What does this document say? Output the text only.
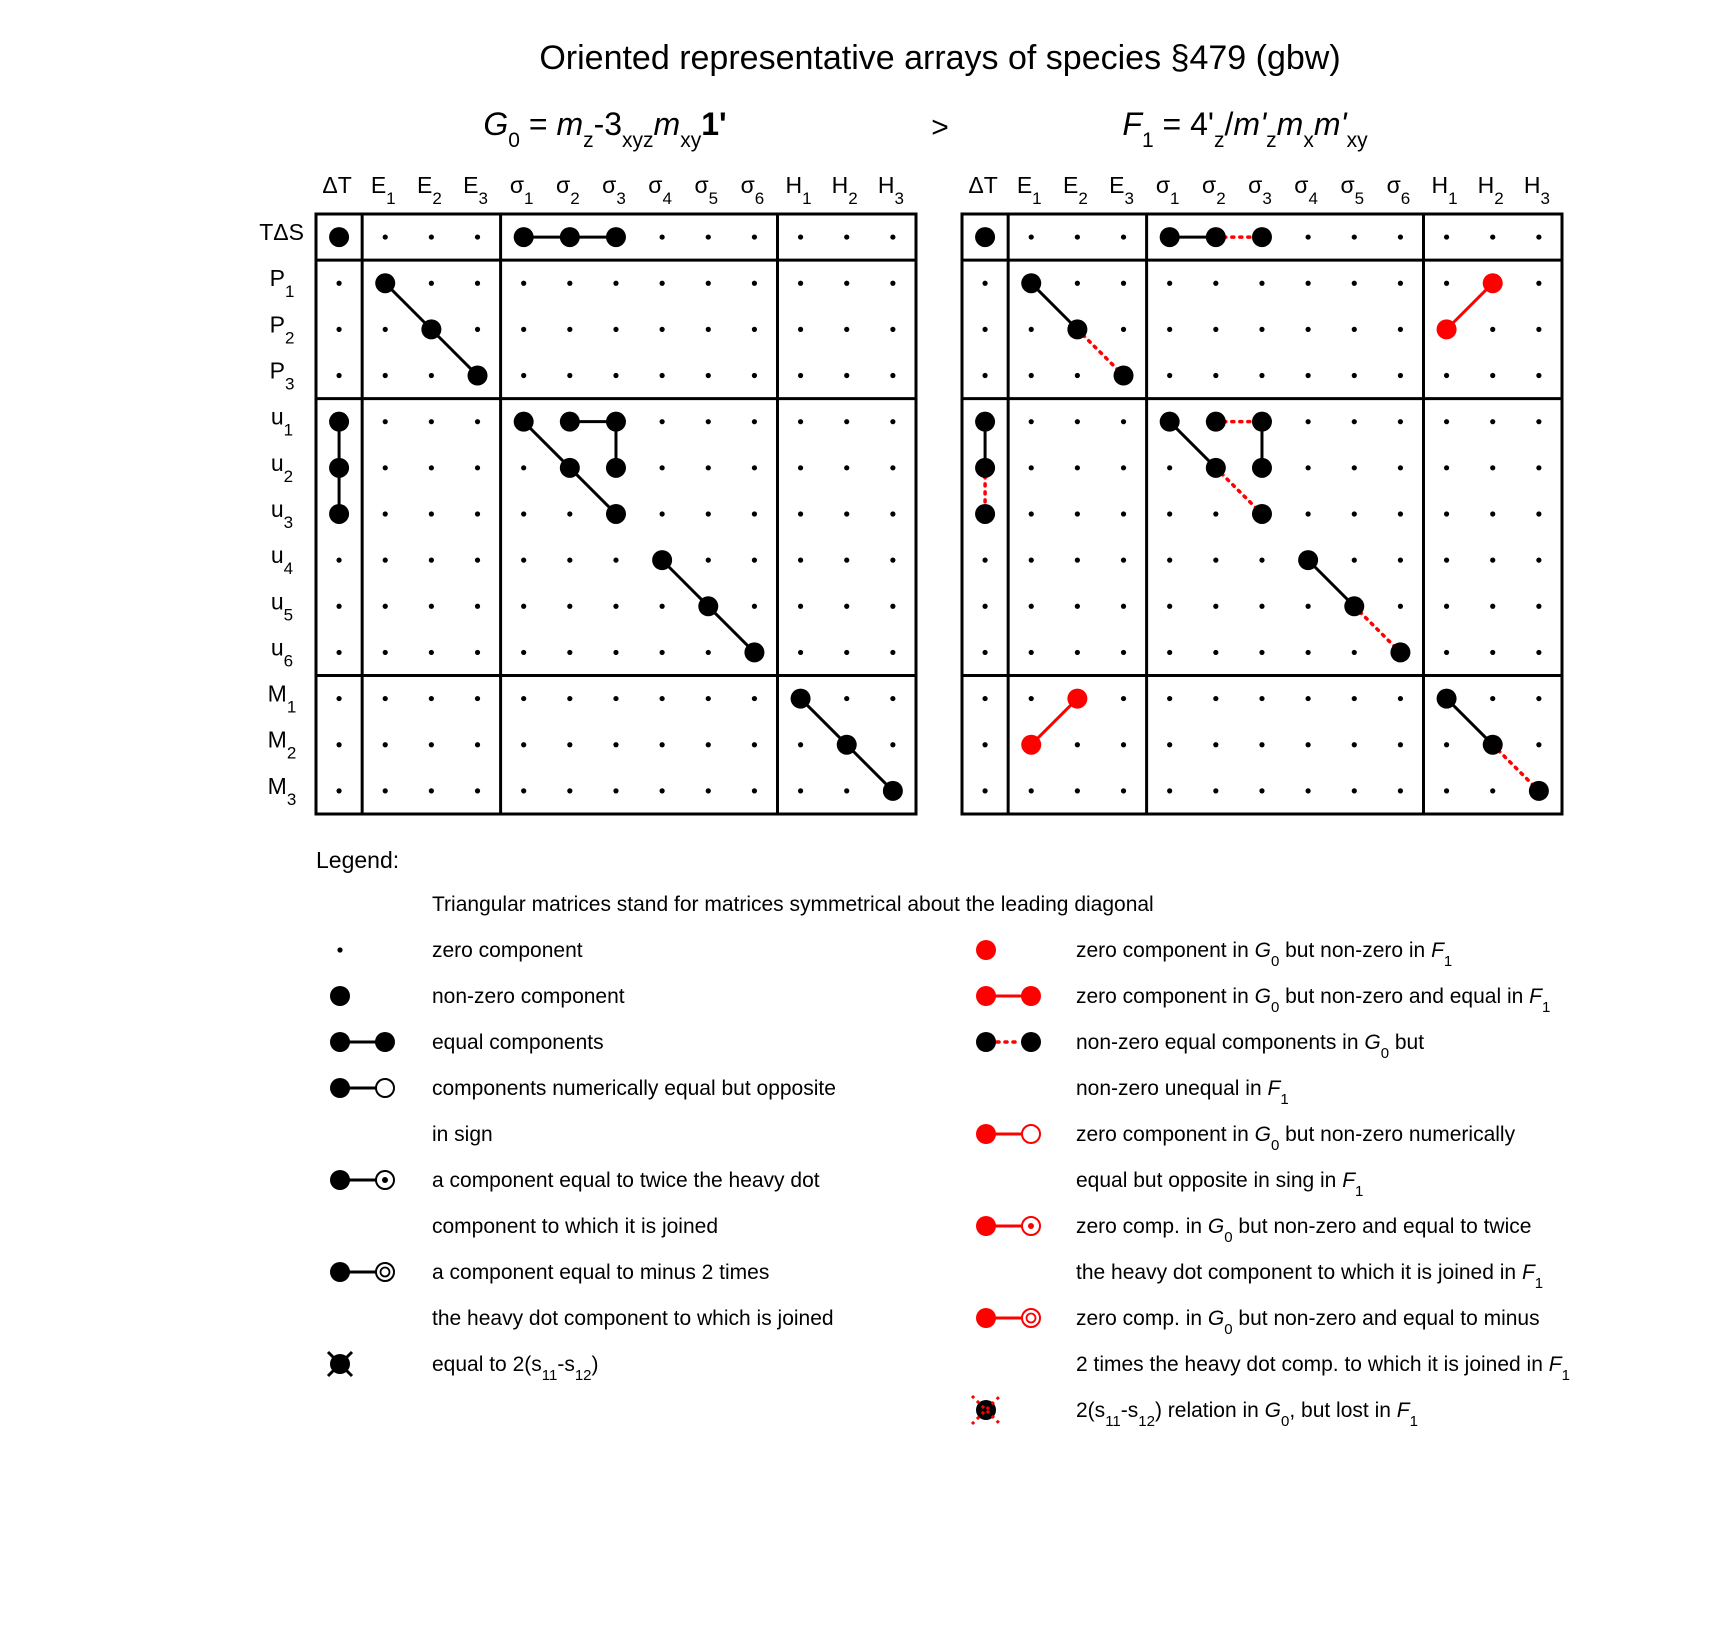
Oriented representative arrays of species §479 (gbw)
$G_0 = m_z-3_{xyz}m_{xy}1'$	>	$F_1 = 4'_z/m'_zm_xm'_{xy}$
ΔT $E_1$
$E_2$
$E_3$
$\sigma_1$
$\sigma_2$
$\sigma_3$
$\sigma_4$
$\sigma_5$
$\sigma_6$
$H_1$
$H_2$
$H_3$
TΔS
$P_1$
$P_2$
$P_3$
$u_1$
$u_2$
$u_3$
$u_4$
$u_5$
$u_6$
$M_1$
$M_2$
$M_3$
ΔT $E_1$
$E_2$
$E_3$
$\sigma_1$
$\sigma_2$
$\sigma_3$
$\sigma_4$
$\sigma_5$
$\sigma_6$
$H_1$
$H_2$
$H_3$
Legend:
Triangular matrices stand for matrices symmetrical about the leading diagonal
zero component
non-zero component
equal components
components numerically equal but opposite
in sign
a component equal to twice the heavy dot
component to which it is joined
a component equal to minus 2 times
the heavy dot component to which is joined
equal to $2(s_{11}-s_{12})$
zero component in $G_0$ but non-zero in $F_1$
zero component in $G_0$ but non-zero and equal in $F_1$
non-zero equal components in $G_0$ but
non-zero unequal in $F_1$
zero component in $G_0$ but non-zero numerically
equal but opposite in sing in $F_1$
zero comp. in $G_0$ but non-zero and equal to twice
the heavy dot component to which it is joined in $F_1$
zero comp. in $G_0$ but non-zero and equal to minus
2 times the heavy dot comp. to which it is joined in $F_1$
$2(s_{11}-s_{12})$ relation in $G_0$, but lost in $F_1$
